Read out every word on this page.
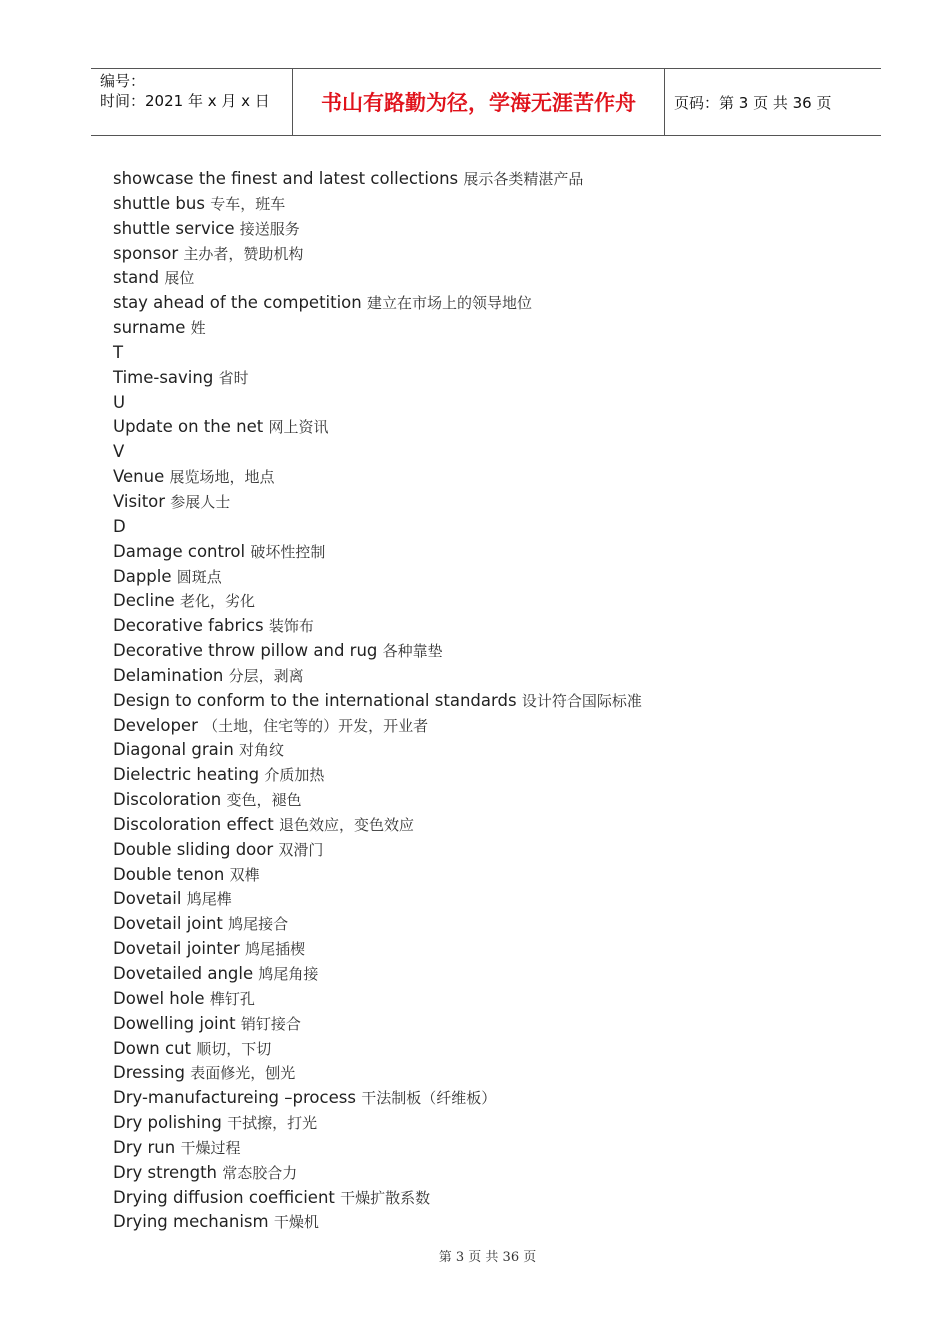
编号：
时间：2021 年 x 月 x 日	书山有路勤为径，学海无涯苦作舟	页码：第 3 页 共 36 页
showcase the finest and latest collections 展示各类精湛产品
shuttle bus 专车，班车
shuttle service 接送服务
sponsor 主办者，赞助机构
stand 展位
stay ahead of the competition 建立在市场上的领导地位
surname 姓
T
Time-saving 省时
U
Update on the net 网上资讯
V
Venue 展览场地，地点
Visitor 参展人士
D
Damage control 破坏性控制
Dapple 圆斑点
Decline 老化，劣化
Decorative fabrics 装饰布
Decorative throw pillow and rug 各种靠垫
Delamination 分层，剥离
Design to conform to the international standards 设计符合国际标准
Developer （土地，住宅等的）开发，开业者
Diagonal grain 对角纹
Dielectric heating 介质加热
Discoloration 变色，褪色
Discoloration effect 退色效应，变色效应
Double sliding door 双滑门
Double tenon 双榫
Dovetail 鸠尾榫
Dovetail joint 鸠尾接合
Dovetail jointer 鸠尾插楔
Dovetailed angle 鸠尾角接
Dowel hole 榫钉孔
Dowelling joint 销钉接合
Down cut 顺切，下切
Dressing 表面修光，刨光
Dry-manufactureing –process 干法制板（纤维板）
Dry polishing 干拭擦，打光
Dry run 干燥过程
Dry strength 常态胶合力
Drying diffusion coefficient 干燥扩散系数
Drying mechanism 干燥机
第 3 页 共 36 页
